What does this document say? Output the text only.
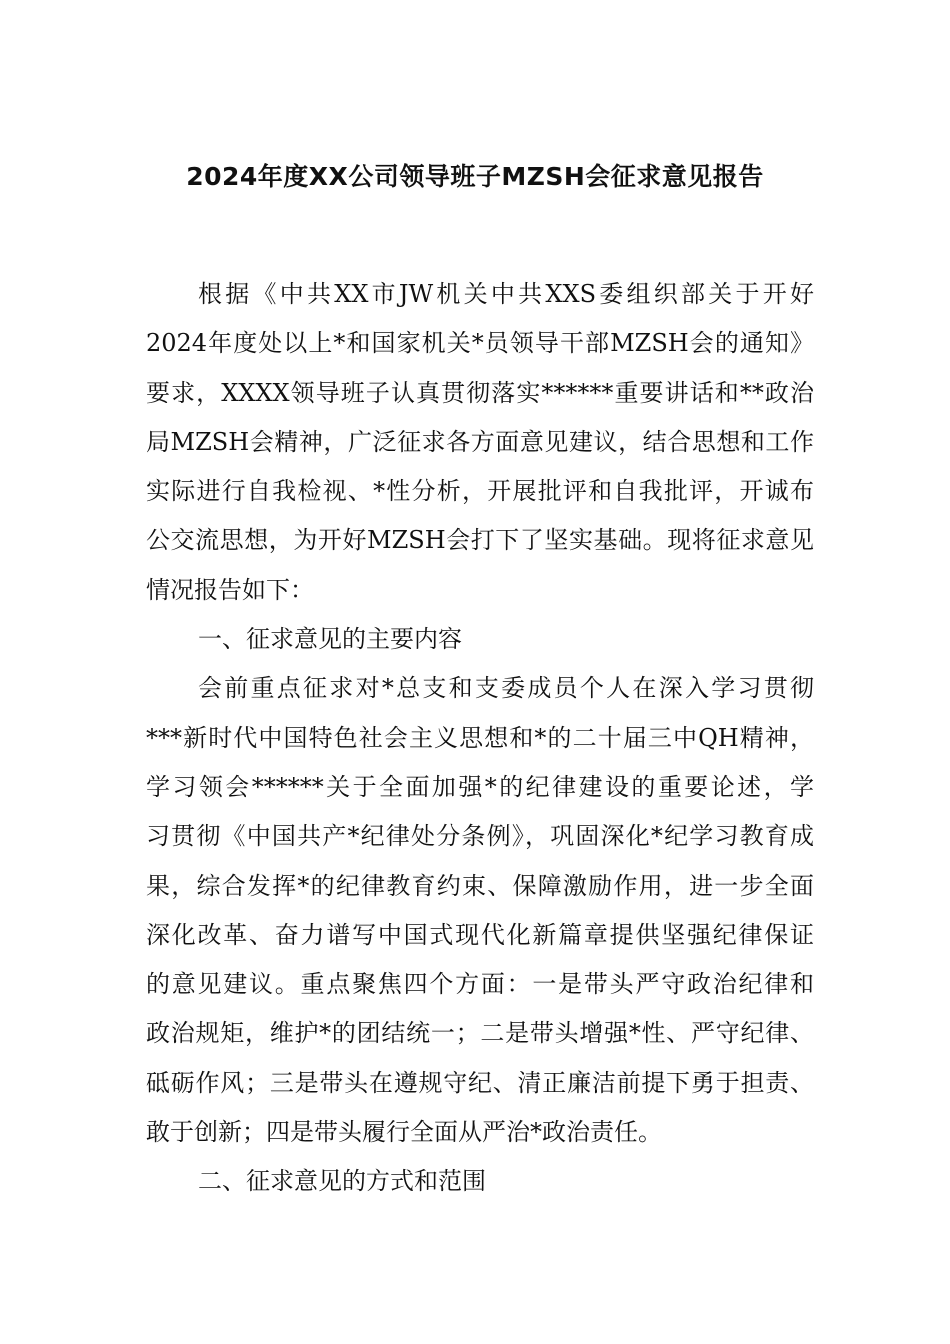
2024年度XX公司领导班子MZSH会征求意见报告
根据《中共XX市JW机关中共XXS委组织部关于开好
2024年度处以上*和国家机关*员领导干部MZSH会的通知》
要求，XXXX领导班子认真贯彻落实******重要讲话和**政治
局MZSH会精神，广泛征求各方面意见建议，结合思想和工作
实际进行自我检视、*性分析，开展批评和自我批评，开诚布
公交流思想，为开好MZSH会打下了坚实基础。现将征求意见
情况报告如下：
一、征求意见的主要内容
会前重点征求对*总支和支委成员个人在深入学习贯彻
***新时代中国特色社会主义思想和*的二十届三中QH精神，
学习领会******关于全面加强*的纪律建设的重要论述，学
习贯彻《中国共产*纪律处分条例》，巩固深化*纪学习教育成
果，综合发挥*的纪律教育约束、保障激励作用，进一步全面
深化改革、奋力谱写中国式现代化新篇章提供坚强纪律保证
的意见建议。重点聚焦四个方面：一是带头严守政治纪律和
政治规矩，维护*的团结统一；二是带头增强*性、严守纪律、
砥砺作风；三是带头在遵规守纪、清正廉洁前提下勇于担责、
敢于创新；四是带头履行全面从严治*政治责任。
二、征求意见的方式和范围
